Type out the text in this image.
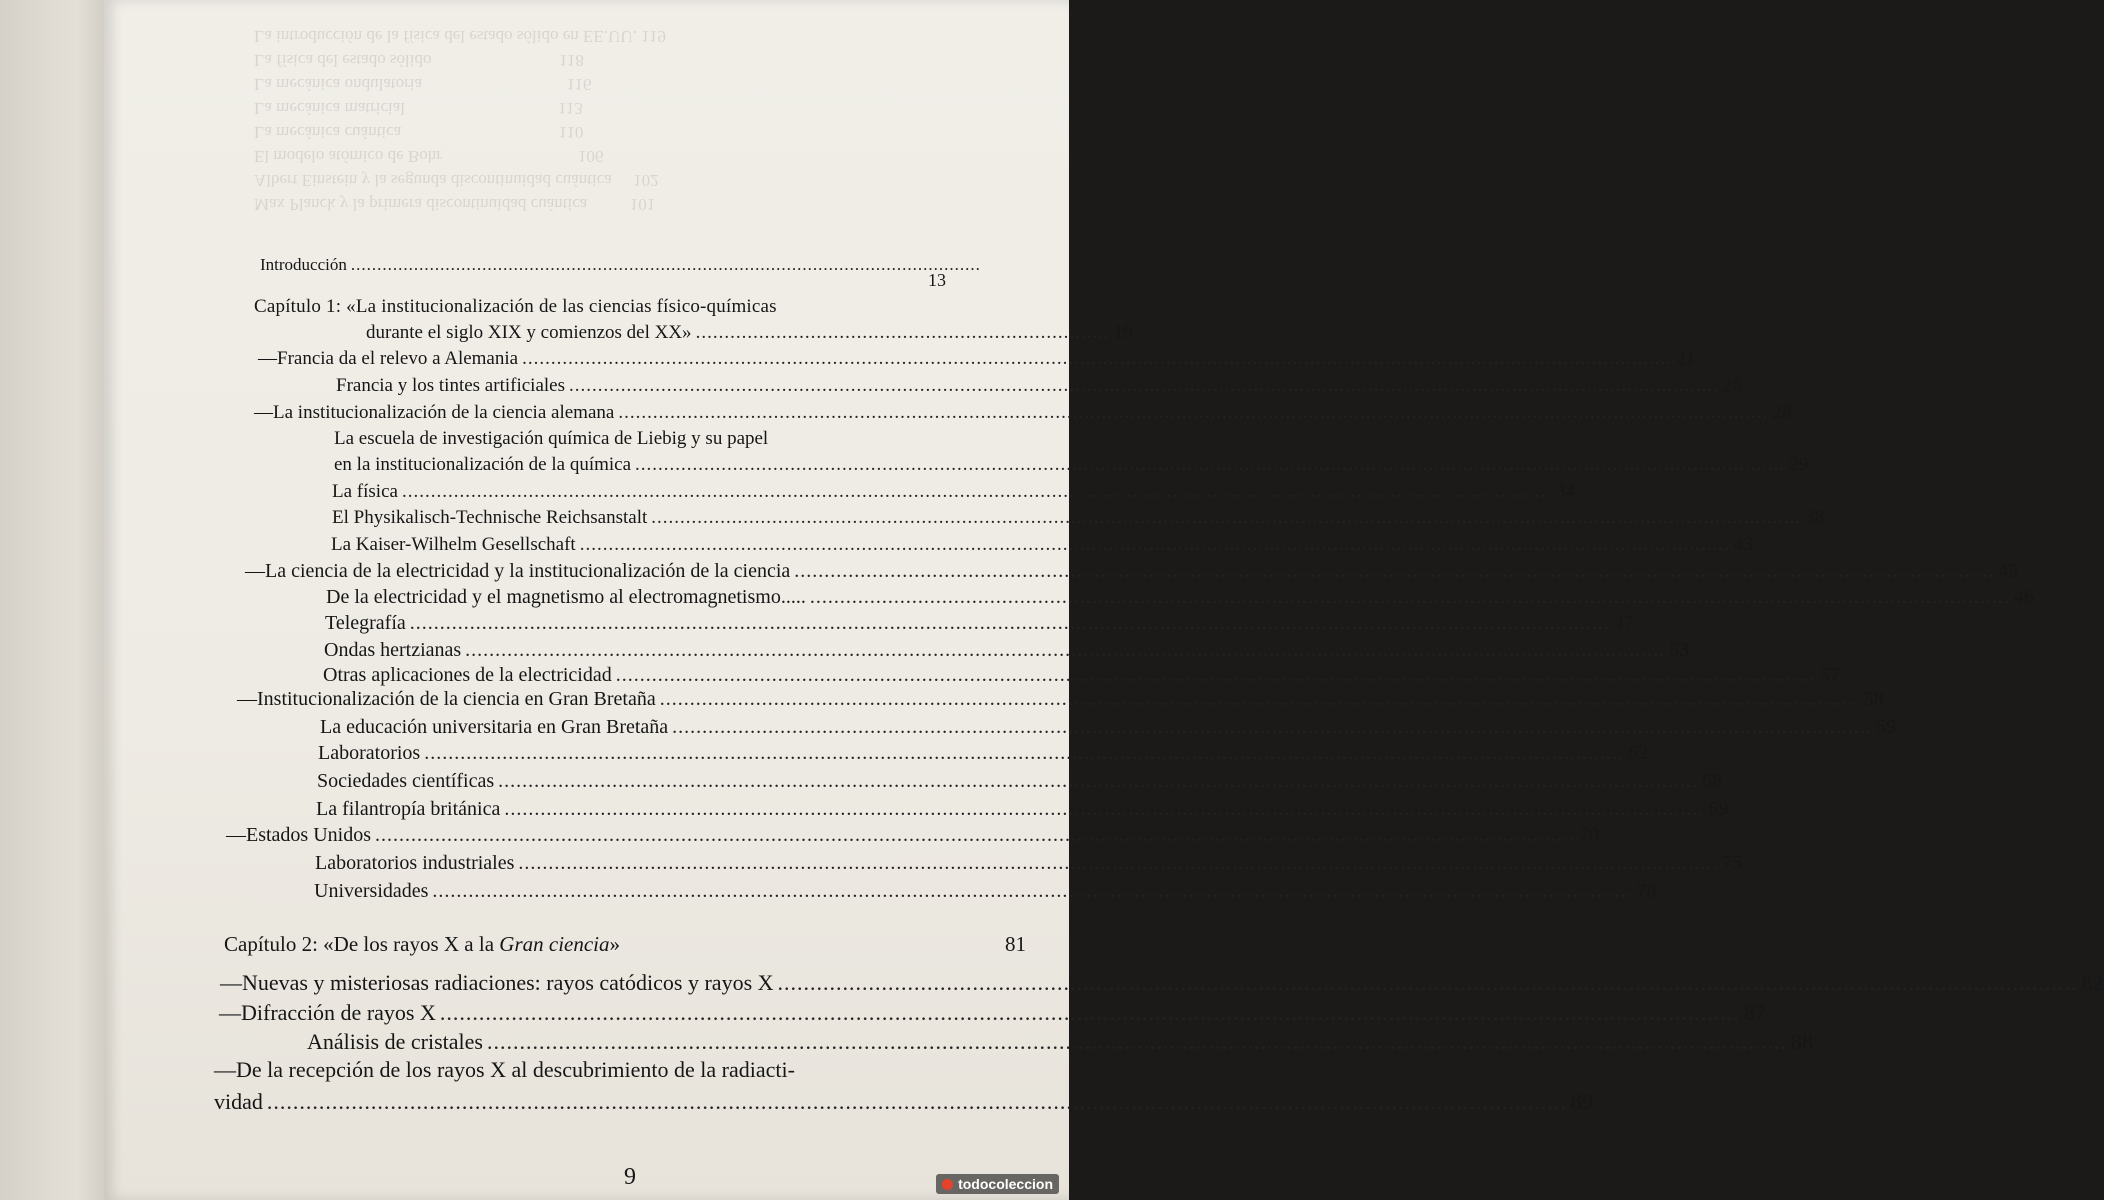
Max Planck y la primera discontinuidad cuántica          101
Albert Einstein y la segunda discontinuidad cuántica     102
El modelo atómico de Bohr                                106
La mecánica cuántica                                     110
La mecánica matricial                                    113
La mecánica ondulatoria                                  116
La física del estado sólido                              118
La introducción de la física del estado sólido en EE.UU. 119

Introducción ........................................................................................................................
13
Capítulo 1: «La institucionalización de las ciencias físico-químicas
durante el siglo XIX y comienzos del XX» ........................................................................ 19
—Francia da el relevo a Alemania ........................................................................................................................................................................................................ 21
Francia y los tintes artificiales ........................................................................................................................................................................................................ 26
—La institucionalización de la ciencia alemana ........................................................................................................................................................................................................ 28
La escuela de investigación química de Liebig y su papel
en la institucionalización de la química ........................................................................................................................................................................................................ 29
La física ........................................................................................................................................................................................................ 34
El Physikalisch-Technische Reichsanstalt ........................................................................................................................................................................................................ 38
La Kaiser-Wilhelm Gesellschaft ........................................................................................................................................................................................................ 43
—La ciencia de la electricidad y la institucionalización de la ciencia ........................................................................................................................................................................................................ 45
De la electricidad y el magnetismo al electromagnetismo..... ........................................................................................................................................................................................................ 46
Telegrafía ........................................................................................................................................................................................................ 47
Ondas hertzianas ........................................................................................................................................................................................................ 53
Otras aplicaciones de la electricidad ........................................................................................................................................................................................................ 57
—Institucionalización de la ciencia en Gran Bretaña ........................................................................................................................................................................................................ 58
La educación universitaria en Gran Bretaña ........................................................................................................................................................................................................ 59
Laboratorios ........................................................................................................................................................................................................ 62
Sociedades científicas ........................................................................................................................................................................................................ 68
La filantropía británica ........................................................................................................................................................................................................ 69
—Estados Unidos ........................................................................................................................................................................................................ 70
Laboratorios industriales ........................................................................................................................................................................................................ 75
Universidades ........................................................................................................................................................................................................ 78
Capítulo 2: «De los rayos X a la Gran ciencia»	81
—Nuevas y misteriosas radiaciones: rayos catódicos y rayos X ........................................................................................................................................................................................................ 82
—Difracción de rayos X ........................................................................................................................................................................................................ 87
Análisis de cristales ........................................................................................................................................................................................................ 88
—De la recepción de los rayos X al descubrimiento de la radiacti-
vidad ........................................................................................................................................................................................................ 89
9	todocoleccion
